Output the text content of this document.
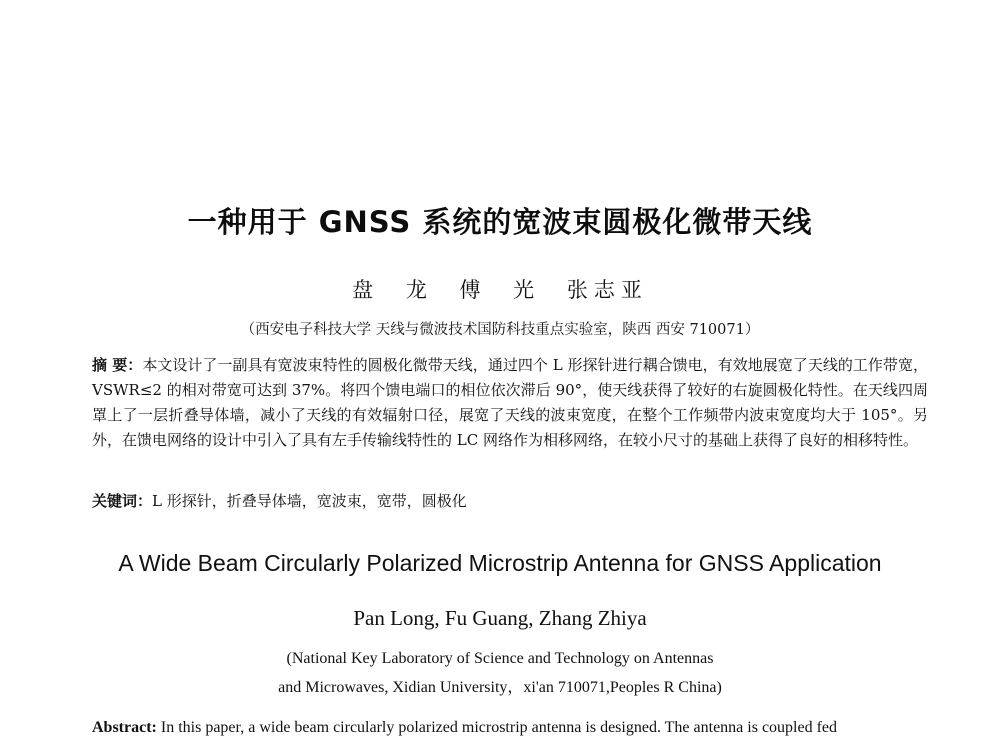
一种用于 GNSS 系统的宽波束圆极化微带天线
盘 龙 傅 光 张志亚
（西安电子科技大学 天线与微波技术国防科技重点实验室，陕西 西安 710071）
摘 要：本文设计了一副具有宽波束特性的圆极化微带天线，通过四个 L 形探针进行耦合馈电，有效地展宽了天线的工作带宽，VSWR≤2 的相对带宽可达到 37%。将四个馈电端口的相位依次滞后 90°，使天线获得了较好的右旋圆极化特性。在天线四周罩上了一层折叠导体墙，减小了天线的有效辐射口径，展宽了天线的波束宽度，在整个工作频带内波束宽度均大于 105°。另外，在馈电网络的设计中引入了具有左手传输线特性的 LC 网络作为相移网络，在较小尺寸的基础上获得了良好的相移特性。
关键词：L 形探针，折叠导体墙，宽波束，宽带，圆极化
A Wide Beam Circularly Polarized Microstrip Antenna for GNSS Application
Pan Long, Fu Guang, Zhang Zhiya
(National Key Laboratory of Science and Technology on Antennas
and Microwaves, Xidian University，xi'an 710071,Peoples R China)
Abstract: In this paper, a wide beam circularly polarized microstrip antenna is designed. The antenna is coupled fed
